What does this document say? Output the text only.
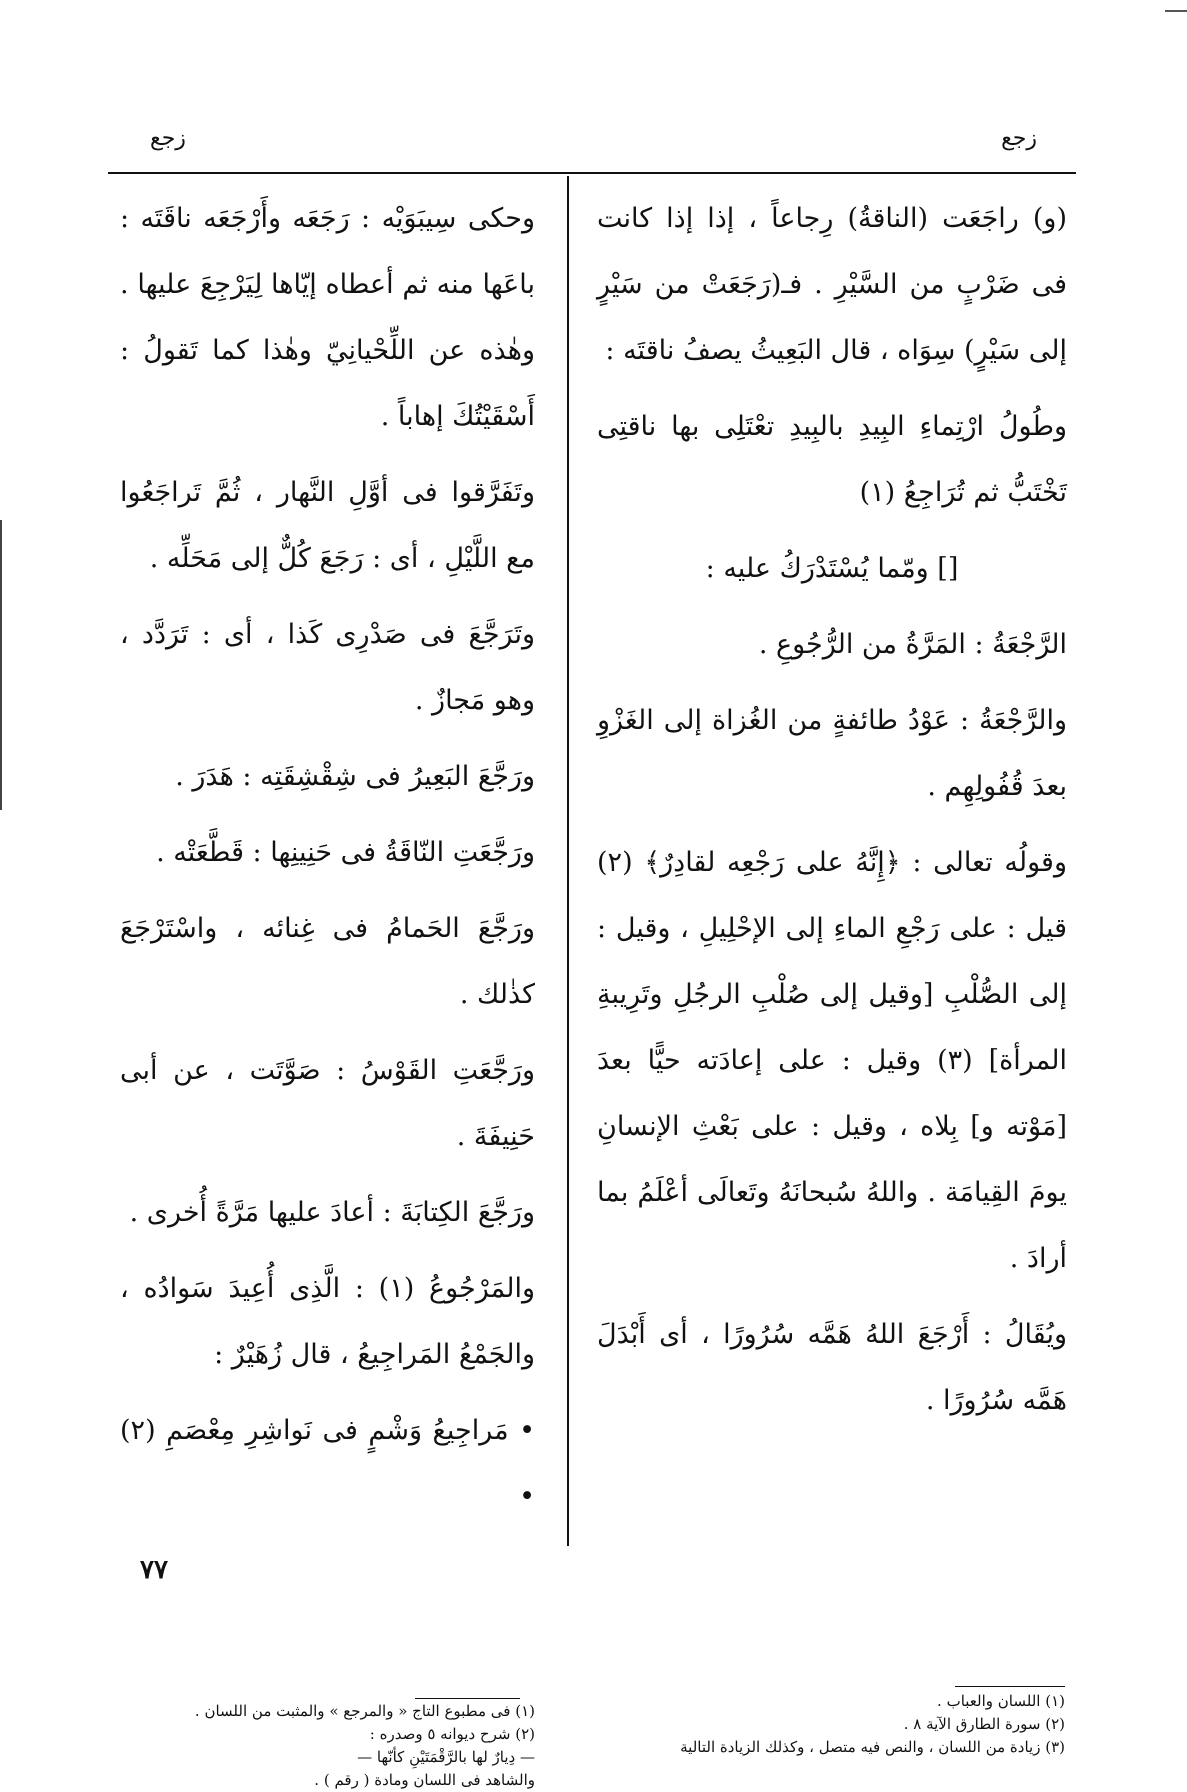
زجع	زجع

(و) راجَعَت (الناقةُ) رِجاعاً ، إذا إذا كانت فى ضَرْبٍ من السَّيْرِ . فـ(رَجَعَتْ من سَيْرٍ إلى سَيْرٍ) سِوَاه ، قال البَعِيثُ يصفُ ناقتَه :

وطُولُ ارْتِماءِ البِيدِ بالبِيدِ تعْتَلِى بها ناقتِى تَخْتَبُّ ثم تُرَاجِعُ (١)

[] ومّما يُسْتَدْرَكُ عليه :

الرَّجْعَةُ : المَرَّةُ من الرُّجُوعِ .

والرَّجْعَةُ : عَوْدُ طائفةٍ من الغُزاة إلى الغَزْوِ بعدَ قُفُولِهِم .

وقولُه تعالى : ﴿إِنَّهُ على رَجْعِه لقادِرٌ﴾ (٢) قيل : على رَجْعِ الماءِ إلى الإحْلِيلِ ، وقيل : إلى الصُّلْبِ [وقيل إلى صُلْبِ الرجُلِ وتَرِيبةِ المرأة] (٣) وقيل : على إعادَته حيًّا بعدَ [مَوْته و] بِلاه ، وقيل : على بَعْثِ الإنسانِ يومَ القِيامَة . واللهُ سُبحانَهُ وتَعالَى أعْلَمُ بما أرادَ .

ويُقَالُ : أَرْجَعَ اللهُ هَمَّه سُرُورًا ، أى أَبْدَلَ هَمَّه سُرُورًا .

وحكى سِيبَوَيْه : رَجَعَه وأَرْجَعَه ناقَتَه : باعَها منه ثم أعطاه إيّاها لِيَرْجِعَ عليها . وهٰذه عن اللِّحْيانِيّ وهٰذا كما تَقولُ : أَسْقَيْتُكَ إهاباً .

وتَفَرَّقوا فى أوَّلِ النَّهار ، ثُمَّ تَراجَعُوا مع اللَّيْلِ ، أى : رَجَعَ كُلٌّ إلى مَحَلِّه .

وتَرَجَّعَ فى صَدْرِى كَذا ، أى : تَرَدَّد ، وهو مَجازٌ .

ورَجَّعَ البَعِيرُ فى شِقْشِقَتِه : هَدَرَ .

ورَجَّعَتِ النّاقَةُ فى حَنِينِها : قَطَّعَتْه .

ورَجَّعَ الحَمامُ فى غِنائه ، واسْتَرْجَعَ كذٰلك .

ورَجَّعَتِ القَوْسُ : صَوَّتَت ، عن أبى حَنِيفَةَ .

ورَجَّعَ الكِتابَةَ : أعادَ عليها مَرَّةً أُخرى .

والمَرْجُوعُ (١) : الَّذِى أُعِيدَ سَوادُه ، والجَمْعُ المَراجِيعُ ، قال زُهَيْرٌ :

• مَراجِيعُ وَشْمٍ فى نَواشِرِ مِعْصَمِ (٢) •

(١) اللسان والعباب .
(٢) سورة الطارق الآية ٨ .
(٣) زيادة من اللسان ، والنص فيه متصل ، وكذلك الزيادة التالية
(١) فى مطبوع التاج « والمرجع » والمثبت من اللسان .
(٢) شرح ديوانه ٥ وصدره :
— دِيارٌ لها بالرَّقْمَتَيْنِ كأنّها —
والشاهد فى اللسان ومادة ( رقم ) .
٧٧
